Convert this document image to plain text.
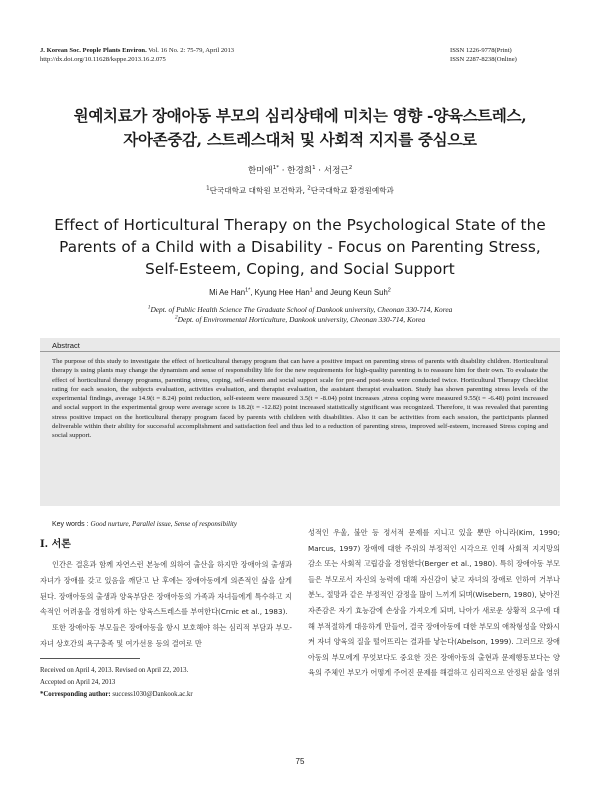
J. Korean Soc. People Plants Environ. Vol. 16 No. 2: 75-79, April 2013
http://dx.doi.org/10.11628/ksppe.2013.16.2.075
ISSN 1226-9778(Print)
ISSN 2287-8238(Online)
원예치료가 장애아동 부모의 심리상태에 미치는 영향 -양육스트레스,
자아존중감, 스트레스대처 및 사회적 지지를 중심으로
한미애$^{1*}$ · 한경희$^1$ · 서정근$^2$
$^1$단국대학교 대학원 보건학과, $^2$단국대학교 환경원예학과
Effect of Horticultural Therapy on the Psychological State of the
Parents of a Child with a Disability - Focus on Parenting Stress,
Self-Esteem, Coping, and Social Support
Mi Ae Han$^{1*}$, Kyung Hee Han$^1$ and Jeung Keun Suh$^2$
$^1$Dept. of Public Health Science The Graduate School of Dankook university, Cheonan 330-714, Korea
$^2$Dept. of Environmental Horticulture, Dankook university, Cheonan 330-714, Korea
Abstract
The purpose of this study to investigate the effect of horticultural therapy program that can have a positive impact on parenting stress of parents with disability children. Horticultural therapy is using plants may change the dynamism and sense of responsibility life for the new requirements for high-quality parenting is to reassure him for their own. To evaluate the effect of horticultural therapy programs, parenting stress, coping, self-esteem and social support scale for pre-and post-tests were conducted twice. Horticultural Therapy Checklist rating for each session, the subjects evaluation, activities evaluation, and therapist evaluation, the assistant therapist evaluation. Study has shown parenting stress levels of the experimental findings, average 14.9(t = 8.24) point reduction, self-esteem were measured 3.5(t = -8.04) point increases ,stress coping were measured 9.55(t = -6.48) point increased and social support in the experimental group were average score is 18.2(t = -12.82) point increased statistically significant was recognized. Therefore, it was revealed that parenting stress positive impact on the horticultural therapy program faced by parents with children with disabilities. Also it can be activities from each session, the participants planned deliverable within their ability for successful accomplishment and satisfaction feel and thus led to a reduction of parenting stress, improved self-esteem, increased Stress coping and social support.
Key words : Good nurture, Parallel issue, Sense of responsibility
I. 서론

인간은 결혼과 함께 자연스런 본능에 의하여 출산을 하지만 장애아의 출생과 자녀가 장애를 갖고 있음을 깨닫고 난 후에는 장애아동에게 의존적인 삶을 살게 된다. 장애아동의 출생과 양육부담은 장애아동의 가족과 자녀들에게 특수하고 지속적인 어려움을 경험하게 하는 양육스트레스를 부여한다(Crnic et al., 1983).

또한 장애아동 부모들은 장애아동을 항시 보호해야 하는 심리적 부담과 부모-자녀 상호간의 욕구충족 및 여가선용 등의 결여로 만

Received on April 4, 2013. Revised on April 22, 2013.
Accepted on April 24, 2013
*Corresponding author: success1030@Dankook.ac.kr

성적인 우울, 불안 등 정서적 문제를 지니고 있을 뿐만 아니라(Kim, 1990; Marcus, 1997) 장애에 대한 주위의 부정적인 시각으로 인해 사회적 지지망의 감소 또는 사회적 고립감을 경험한다(Berger et al., 1980). 특히 장애아동 부모들은 부모로서 자신의 능력에 대해 자신감이 낮고 자녀의 장애로 인하여 거부나 분노, 절망과 같은 부정적인 감정을 많이 느끼게 되며(Wisebern, 1980), 낮아진 자존감은 자기 효능감에 손상을 가져오게 되며, 나아가 새로운 상황적 요구에 대해 부적절하게 대응하게 만들어, 결국 장애아동에 대한 부모의 애착형성을 약화시켜 자녀 양육의 질을 떨어뜨리는 결과를 낳는다(Abelson, 1999). 그러므로 장애아동의 부모에게 무엇보다도 중요한 것은 장애아동의 출현과 문제행동보다는 양육의 주체인 부모가 어떻게 주어진 문제를 해결하고 심리적으로 안정된 삶을 영위

75
